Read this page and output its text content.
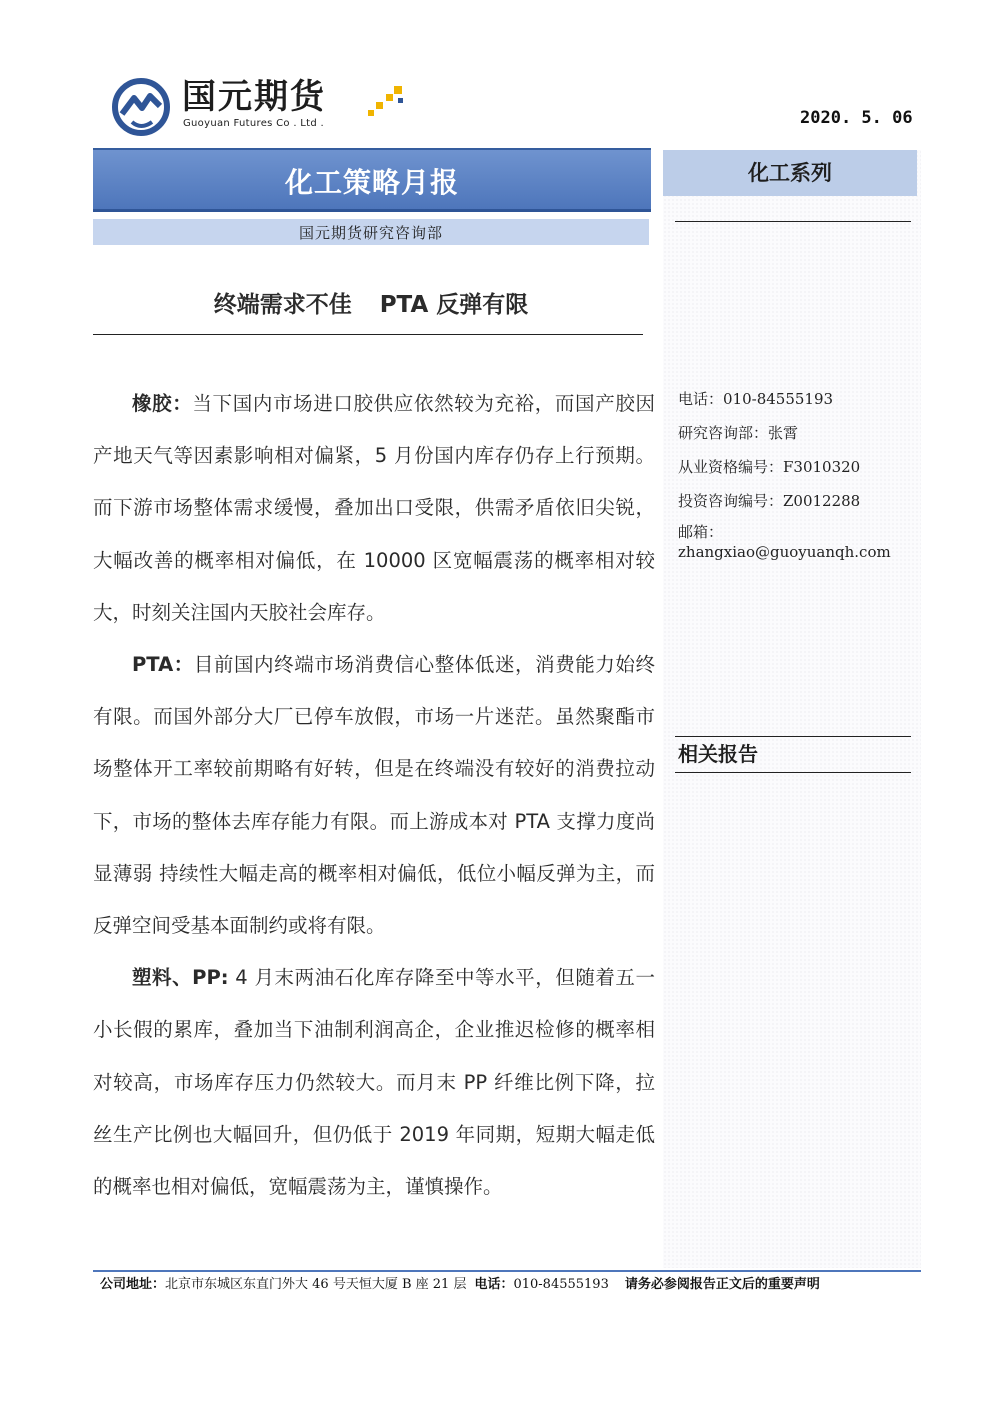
国元期货
Guoyuan Futures Co . Ltd .	2020. 5. 06
化工策略月报
国元期货研究咨询部
终端需求不佳 PTA 反弹有限

橡胶：当下国内市场进口胶供应依然较为充裕，而国产胶因产地天气等因素影响相对偏紧，5 月份国内库存仍存上行预期。而下游市场整体需求缓慢，叠加出口受限，供需矛盾依旧尖锐，大幅改善的概率相对偏低，在 10000 区宽幅震荡的概率相对较大，时刻关注国内天胶社会库存。

PTA：目前国内终端市场消费信心整体低迷，消费能力始终有限。而国外部分大厂已停车放假，市场一片迷茫。虽然聚酯市场整体开工率较前期略有好转，但是在终端没有较好的消费拉动下，市场的整体去库存能力有限。而上游成本对 PTA 支撑力度尚显薄弱 持续性大幅走高的概率相对偏低，低位小幅反弹为主，而反弹空间受基本面制约或将有限。

塑料、PP: 4 月末两油石化库存降至中等水平，但随着五一小长假的累库，叠加当下油制利润高企，企业推迟检修的概率相对较高，市场库存压力仍然较大。而月末 PP 纤维比例下降，拉丝生产比例也大幅回升，但仍低于 2019 年同期，短期大幅走低的概率也相对偏低，宽幅震荡为主，谨慎操作。

化工系列
电话：010-84555193
研究咨询部：张霄
从业资格编号：F3010320
投资咨询编号：Z0012288
邮箱：
zhangxiao@guoyuanqh.com
相关报告
公司地址：北京市东城区东直门外大 46 号天恒大厦 B 座 21 层 电话：010-84555193 请务必参阅报告正文后的重要声明
